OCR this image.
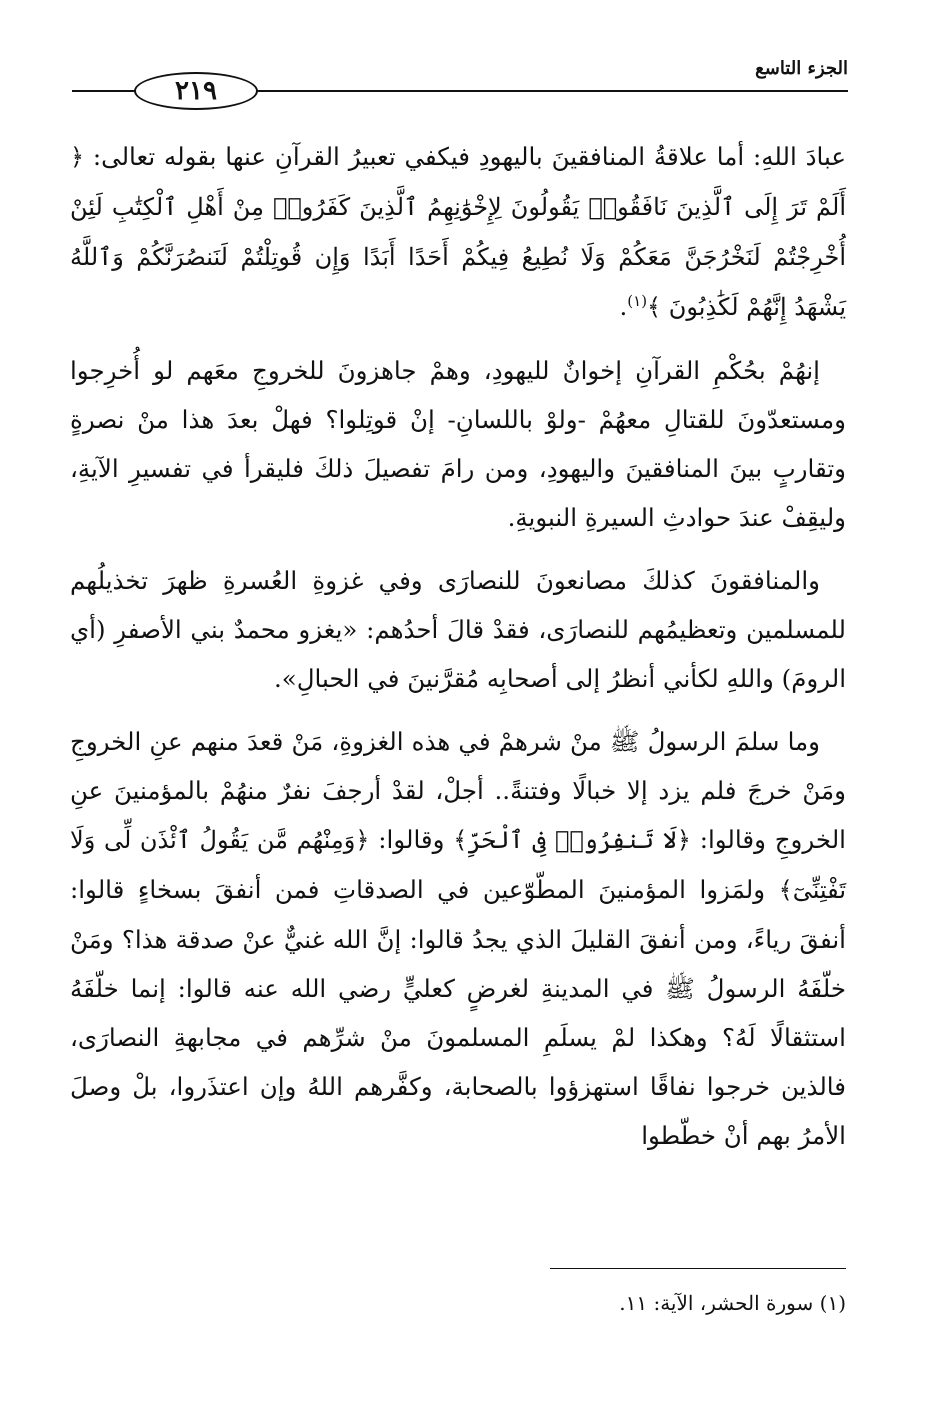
الجزء التاسع
٢١٩

عبادَ اللهِ: أما علاقةُ المنافقينَ باليهودِ فيكفي تعبيرُ القرآنِ عنها بقوله تعالى: ﴿ أَلَمْ تَرَ إِلَى ٱلَّذِينَ نَافَقُوا۟ يَقُولُونَ لِإِخْوَٰنِهِمُ ٱلَّذِينَ كَفَرُوا۟ مِنْ أَهْلِ ٱلْكِتَٰبِ لَئِنْ أُخْرِجْتُمْ لَنَخْرُجَنَّ مَعَكُمْ وَلَا نُطِيعُ فِيكُمْ أَحَدًا أَبَدًا وَإِن قُوتِلْتُمْ لَنَنصُرَنَّكُمْ وَٱللَّهُ يَشْهَدُ إِنَّهُمْ لَكَٰذِبُونَ ﴾$^{(١)}$.

إنهُمْ بحُكْمِ القرآنِ إخوانٌ لليهودِ، وهمْ جاهزونَ للخروجِ معَهم لو أُخرِجوا ومستعدّونَ للقتالِ معهُمْ -ولوْ باللسانِ- إنْ قوتِلوا؟ فهلْ بعدَ هذا منْ نصرةٍ وتقاربٍ بينَ المنافقينَ واليهودِ، ومن رامَ تفصيلَ ذلكَ فليقرأ في تفسيرِ الآيةِ، وليقِفْ عندَ حوادثِ السيرةِ النبويةِ.

والمنافقونَ كذلكَ مصانعونَ للنصارَى وفي غزوةِ العُسرةِ ظهرَ تخذيلُهم للمسلمين وتعظيمُهم للنصارَى، فقدْ قالَ أحدُهم: «يغزو محمدٌ بني الأصفرِ (أي الرومَ) واللهِ لكأني أنظرُ إلى أصحابِه مُقرَّنينَ في الحبالِ».

وما سلمَ الرسولُ ﷺ منْ شرهمْ في هذه الغزوةِ، مَنْ قعدَ منهم عنِ الخروجِ ومَنْ خرجَ فلم يزد إلا خبالًا وفتنةً.. أجلْ، لقدْ أرجفَ نفرٌ منهُمْ بالمؤمنينَ عنِ الخروجِ وقالوا: ﴿لَا تَنفِرُوا۟ فِى ٱلْحَرِّ﴾ وقالوا: ﴿وَمِنْهُم مَّن يَقُولُ ٱئْذَن لِّى وَلَا تَفْتِنِّىٓ﴾ ولمَزوا المؤمنينَ المطّوّعين في الصدقاتِ فمن أنفقَ بسخاءٍ قالوا: أنفقَ رياءً، ومن أنفقَ القليلَ الذي يجدُ قالوا: إنَّ الله غنيٌّ عنْ صدقة هذا؟ ومَنْ خلّفَهُ الرسولُ ﷺ في المدينةِ لغرضٍ كعليٍّ رضي الله عنه قالوا: إنما خلّفَهُ استثقالًا لَهُ؟ وهكذا لمْ يسلَمِ المسلمونَ منْ شرِّهم في مجابهةِ النصارَى، فالذين خرجوا نفاقًا استهزؤوا بالصحابة، وكفَّرهم اللهُ وإن اعتذَروا، بلْ وصلَ الأمرُ بهم أنْ خطّطوا

(١) سورة الحشر، الآية: ١١.
